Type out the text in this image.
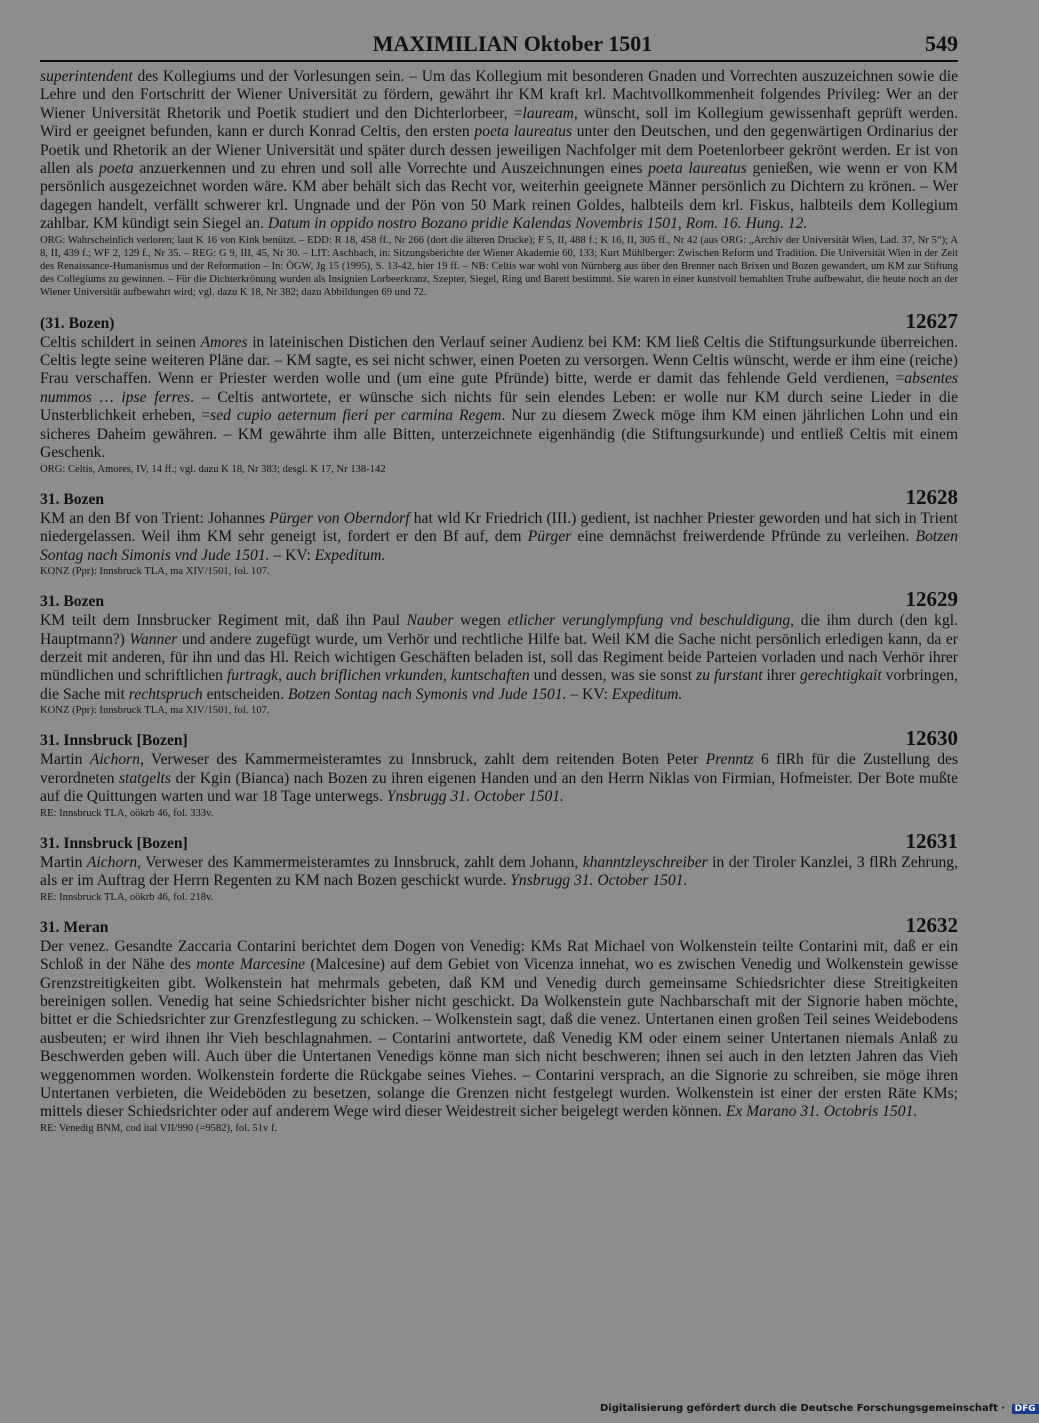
MAXIMILIAN Oktober 1501	549

superintendent des Kollegiums und der Vorlesungen sein. – Um das Kollegium mit besonderen Gnaden und Vorrechten auszuzeichnen sowie die Lehre und den Fortschritt der Wiener Universität zu fördern, gewährt ihr KM kraft krl. Machtvollkommenheit folgendes Privileg: Wer an der Wiener Universität Rhetorik und Poetik studiert und den Dichterlorbeer, =lauream, wünscht, soll im Kollegium gewissenhaft geprüft werden. Wird er geeignet befunden, kann er durch Konrad Celtis, den ersten poeta laureatus unter den Deutschen, und den gegenwärtigen Ordinarius der Poetik und Rhetorik an der Wiener Universität und später durch dessen jeweiligen Nachfolger mit dem Poetenlorbeer gekrönt werden. Er ist von allen als poeta anzuerkennen und zu ehren und soll alle Vorrechte und Auszeichnungen eines poeta laureatus genießen, wie wenn er von KM persönlich ausgezeichnet worden wäre. KM aber behält sich das Recht vor, weiterhin geeignete Männer persönlich zu Dichtern zu krönen. – Wer dagegen handelt, verfällt schwerer krl. Ungnade und der Pön von 50 Mark reinen Goldes, halbteils dem krl. Fiskus, halbteils dem Kollegium zahlbar. KM kündigt sein Siegel an. Datum in oppido nostro Bozano pridie Kalendas Novembris 1501, Rom. 16. Hung. 12.

ORG: Wahrscheinlich verloren; laut K 16 von Kink benützt. – EDD: R 18, 458 ff., Nr 266 (dort die älteren Drucke); F 5, II, 488 f.; K 16, II, 305 ff., Nr 42 (aus ORG: „Archiv der Universität Wien, Lad. 37, Nr 5“); A 8, II, 439 f.; WF 2, 129 f., Nr 35. – REG: G 9, III, 45, Nr 30. – LIT: Aschbach, in: Sitzungsberichte der Wiener Akademie 60, 133; Kurt Mühlberger: Zwischen Reform und Tradition. Die Universität Wien in der Zeit des Renaissance-Humanismus und der Reformation – In: ÖGW, Jg 15 (1995), S. 13-42, hier 19 ff. – NB: Celtis war wohl von Nürnberg aus über den Brenner nach Brixen und Bozen gewandert, um KM zur Stiftung des Collegiums zu gewinnen. – Für die Dichterkrönung wurden als Insignien Lorbeerkranz, Szepter, Siegel, Ring und Barett bestimmt. Sie waren in einer kunstvoll bemahlten Truhe aufbewahrt, die heute noch an der Wiener Universität aufbewahrt wird; vgl. dazu K 18, Nr 382; dazu Abbildungen 69 und 72.

(31. Bozen)	12627

Celtis schildert in seinen Amores in lateinischen Distichen den Verlauf seiner Audienz bei KM: KM ließ Celtis die Stiftungsurkunde überreichen. Celtis legte seine weiteren Pläne dar. – KM sagte, es sei nicht schwer, einen Poeten zu versorgen. Wenn Celtis wünscht, werde er ihm eine (reiche) Frau verschaffen. Wenn er Priester werden wolle und (um eine gute Pfründe) bitte, werde er damit das fehlende Geld verdienen, =absentes nummos … ipse ferres. – Celtis antwortete, er wünsche sich nichts für sein elendes Leben: er wolle nur KM durch seine Lieder in die Unsterblichkeit erheben, =sed cupio aeternum fieri per carmina Regem. Nur zu diesem Zweck möge ihm KM einen jährlichen Lohn und ein sicheres Daheim gewähren. – KM gewährte ihm alle Bitten, unterzeichnete eigenhändig (die Stiftungsurkunde) und entließ Celtis mit einem Geschenk.

ORG: Celtis, Amores, IV, 14 ff.; vgl. dazu K 18, Nr 383; desgl. K 17, Nr 138-142

31. Bozen	12628

KM an den Bf von Trient: Johannes Pürger von Oberndorf hat wld Kr Friedrich (III.) gedient, ist nachher Priester geworden und hat sich in Trient niedergelassen. Weil ihm KM sehr geneigt ist, fordert er den Bf auf, dem Pürger eine demnächst freiwerdende Pfründe zu verleihen. Botzen Sontag nach Simonis vnd Jude 1501. – KV: Expeditum.

KONZ (Ppr): Innsbruck TLA, ma XIV/1501, fol. 107.

31. Bozen	12629

KM teilt dem Innsbrucker Regiment mit, daß ihn Paul Nauber wegen etlicher verunglympfung vnd beschuldigung, die ihm durch (den kgl. Hauptmann?) Wanner und andere zugefügt wurde, um Verhör und rechtliche Hilfe bat. Weil KM die Sache nicht persönlich erledigen kann, da er derzeit mit anderen, für ihn und das Hl. Reich wichtigen Geschäften beladen ist, soll das Regiment beide Parteien vorladen und nach Verhör ihrer mündlichen und schriftlichen furtragk, auch briflichen vrkunden, kuntschaften und dessen, was sie sonst zu furstant ihrer gerechtigkait vorbringen, die Sache mit rechtspruch entscheiden. Botzen Sontag nach Symonis vnd Jude 1501. – KV: Expeditum.

KONZ (Ppr): Innsbruck TLA, ma XIV/1501, fol. 107.

31. Innsbruck [Bozen]	12630

Martin Aichorn, Verweser des Kammermeisteramtes zu Innsbruck, zahlt dem reitenden Boten Peter Prenntz 6 flRh für die Zustellung des verordneten statgelts der Kgin (Bianca) nach Bozen zu ihren eigenen Handen und an den Herrn Niklas von Firmian, Hofmeister. Der Bote mußte auf die Quittungen warten und war 18 Tage unterwegs. Ynsbrugg 31. October 1501.

RE: Innsbruck TLA, oökrb 46, fol. 333v.

31. Innsbruck [Bozen]	12631

Martin Aichorn, Verweser des Kammermeisteramtes zu Innsbruck, zahlt dem Johann, khanntzleyschreiber in der Tiroler Kanzlei, 3 flRh Zehrung, als er im Auftrag der Herrn Regenten zu KM nach Bozen geschickt wurde. Ynsbrugg 31. October 1501.

RE: Innsbruck TLA, oökrb 46, fol. 218v.

31. Meran	12632

Der venez. Gesandte Zaccaria Contarini berichtet dem Dogen von Venedig: KMs Rat Michael von Wolkenstein teilte Contarini mit, daß er ein Schloß in der Nähe des monte Marcesine (Malcesine) auf dem Gebiet von Vicenza innehat, wo es zwischen Venedig und Wolkenstein gewisse Grenzstreitigkeiten gibt. Wolkenstein hat mehrmals gebeten, daß KM und Venedig durch gemeinsame Schiedsrichter diese Streitigkeiten bereinigen sollen. Venedig hat seine Schiedsrichter bisher nicht geschickt. Da Wolkenstein gute Nachbarschaft mit der Signorie haben möchte, bittet er die Schiedsrichter zur Grenzfestlegung zu schicken. – Wolkenstein sagt, daß die venez. Untertanen einen großen Teil seines Weidebodens ausbeuten; er wird ihnen ihr Vieh beschlagnahmen. – Contarini antwortete, daß Venedig KM oder einem seiner Untertanen niemals Anlaß zu Beschwerden geben will. Auch über die Untertanen Venedigs könne man sich nicht beschweren; ihnen sei auch in den letzten Jahren das Vieh weggenommen worden. Wolkenstein forderte die Rückgabe seines Viehes. – Contarini versprach, an die Signorie zu schreiben, sie möge ihren Untertanen verbieten, die Weideböden zu besetzen, solange die Grenzen nicht festgelegt wurden. Wolkenstein ist einer der ersten Räte KMs; mittels dieser Schiedsrichter oder auf anderem Wege wird dieser Weidestreit sicher beigelegt werden können. Ex Marano 31. Octobris 1501.

RE: Venedig BNM, cod ital VII/990 (=9582), fol. 51v f.

Digitalisierung gefördert durch die Deutsche Forschungsgemeinschaft · DFG
